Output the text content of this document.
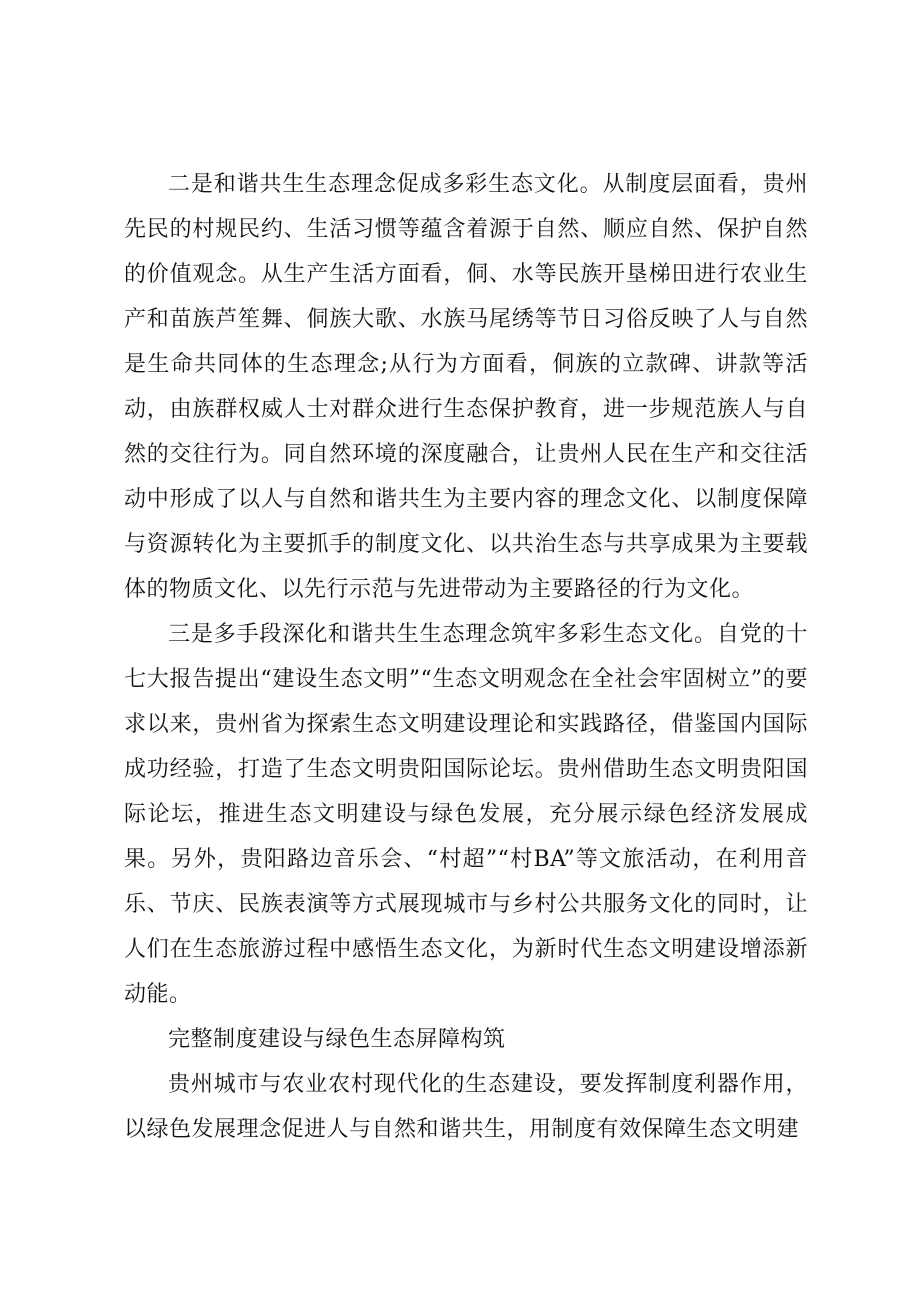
二是和谐共生生态理念促成多彩生态文化。从制度层面看，贵州先民的村规民约、生活习惯等蕴含着源于自然、顺应自然、保护自然的价值观念。从生产生活方面看，侗、水等民族开垦梯田进行农业生产和苗族芦笙舞、侗族大歌、水族马尾绣等节日习俗反映了人与自然是生命共同体的生态理念;从行为方面看，侗族的立款碑、讲款等活动，由族群权威人士对群众进行生态保护教育，进一步规范族人与自然的交往行为。同自然环境的深度融合，让贵州人民在生产和交往活动中形成了以人与自然和谐共生为主要内容的理念文化、以制度保障与资源转化为主要抓手的制度文化、以共治生态与共享成果为主要载体的物质文化、以先行示范与先进带动为主要路径的行为文化。

三是多手段深化和谐共生生态理念筑牢多彩生态文化。自党的十七大报告提出“建设生态文明”“生态文明观念在全社会牢固树立”的要求以来，贵州省为探索生态文明建设理论和实践路径，借鉴国内国际成功经验，打造了生态文明贵阳国际论坛。贵州借助生态文明贵阳国际论坛，推进生态文明建设与绿色发展，充分展示绿色经济发展成果。另外，贵阳路边音乐会、“村超”“村BA”等文旅活动，在利用音乐、节庆、民族表演等方式展现城市与乡村公共服务文化的同时，让人们在生态旅游过程中感悟生态文化，为新时代生态文明建设增添新动能。

完整制度建设与绿色生态屏障构筑

贵州城市与农业农村现代化的生态建设，要发挥制度利器作用，以绿色发展理念促进人与自然和谐共生，用制度有效保障生态文明建
